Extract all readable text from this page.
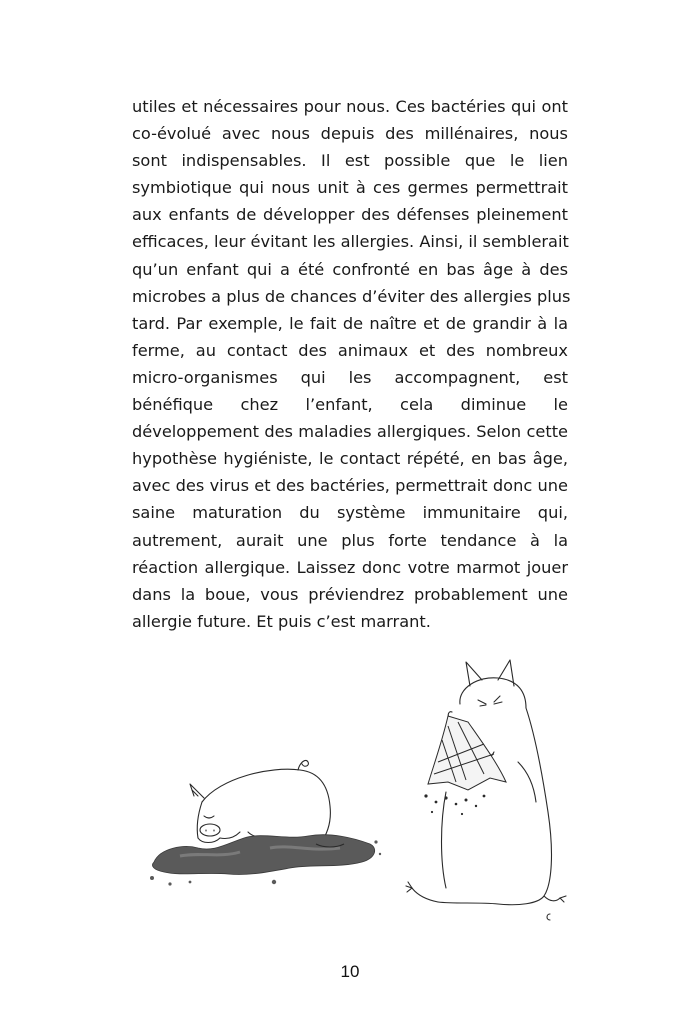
utiles et nécessaires pour nous. Ces bactéries qui ont
co-évolué avec nous depuis des millénaires, nous
sont indispensables. Il est possible que le lien
symbiotique qui nous unit à ces germes permettrait
aux enfants de développer des défenses pleinement
efficaces, leur évitant les allergies. Ainsi, il semblerait
qu’un enfant qui a été confronté en bas âge à des
microbes a plus de chances d’éviter des allergies plus
tard. Par exemple, le fait de naître et de grandir à la
ferme, au contact des animaux et des nombreux
micro-organismes qui les accompagnent, est
bénéfique chez l’enfant, cela diminue le
développement des maladies allergiques. Selon cette
hypothèse hygiéniste, le contact répété, en bas âge,
avec des virus et des bactéries, permettrait donc une
saine maturation du système immunitaire qui,
autrement, aurait une plus forte tendance à la
réaction allergique. Laissez donc votre marmot jouer
dans la boue, vous préviendrez probablement une
allergie future. Et puis c’est marrant.
10
